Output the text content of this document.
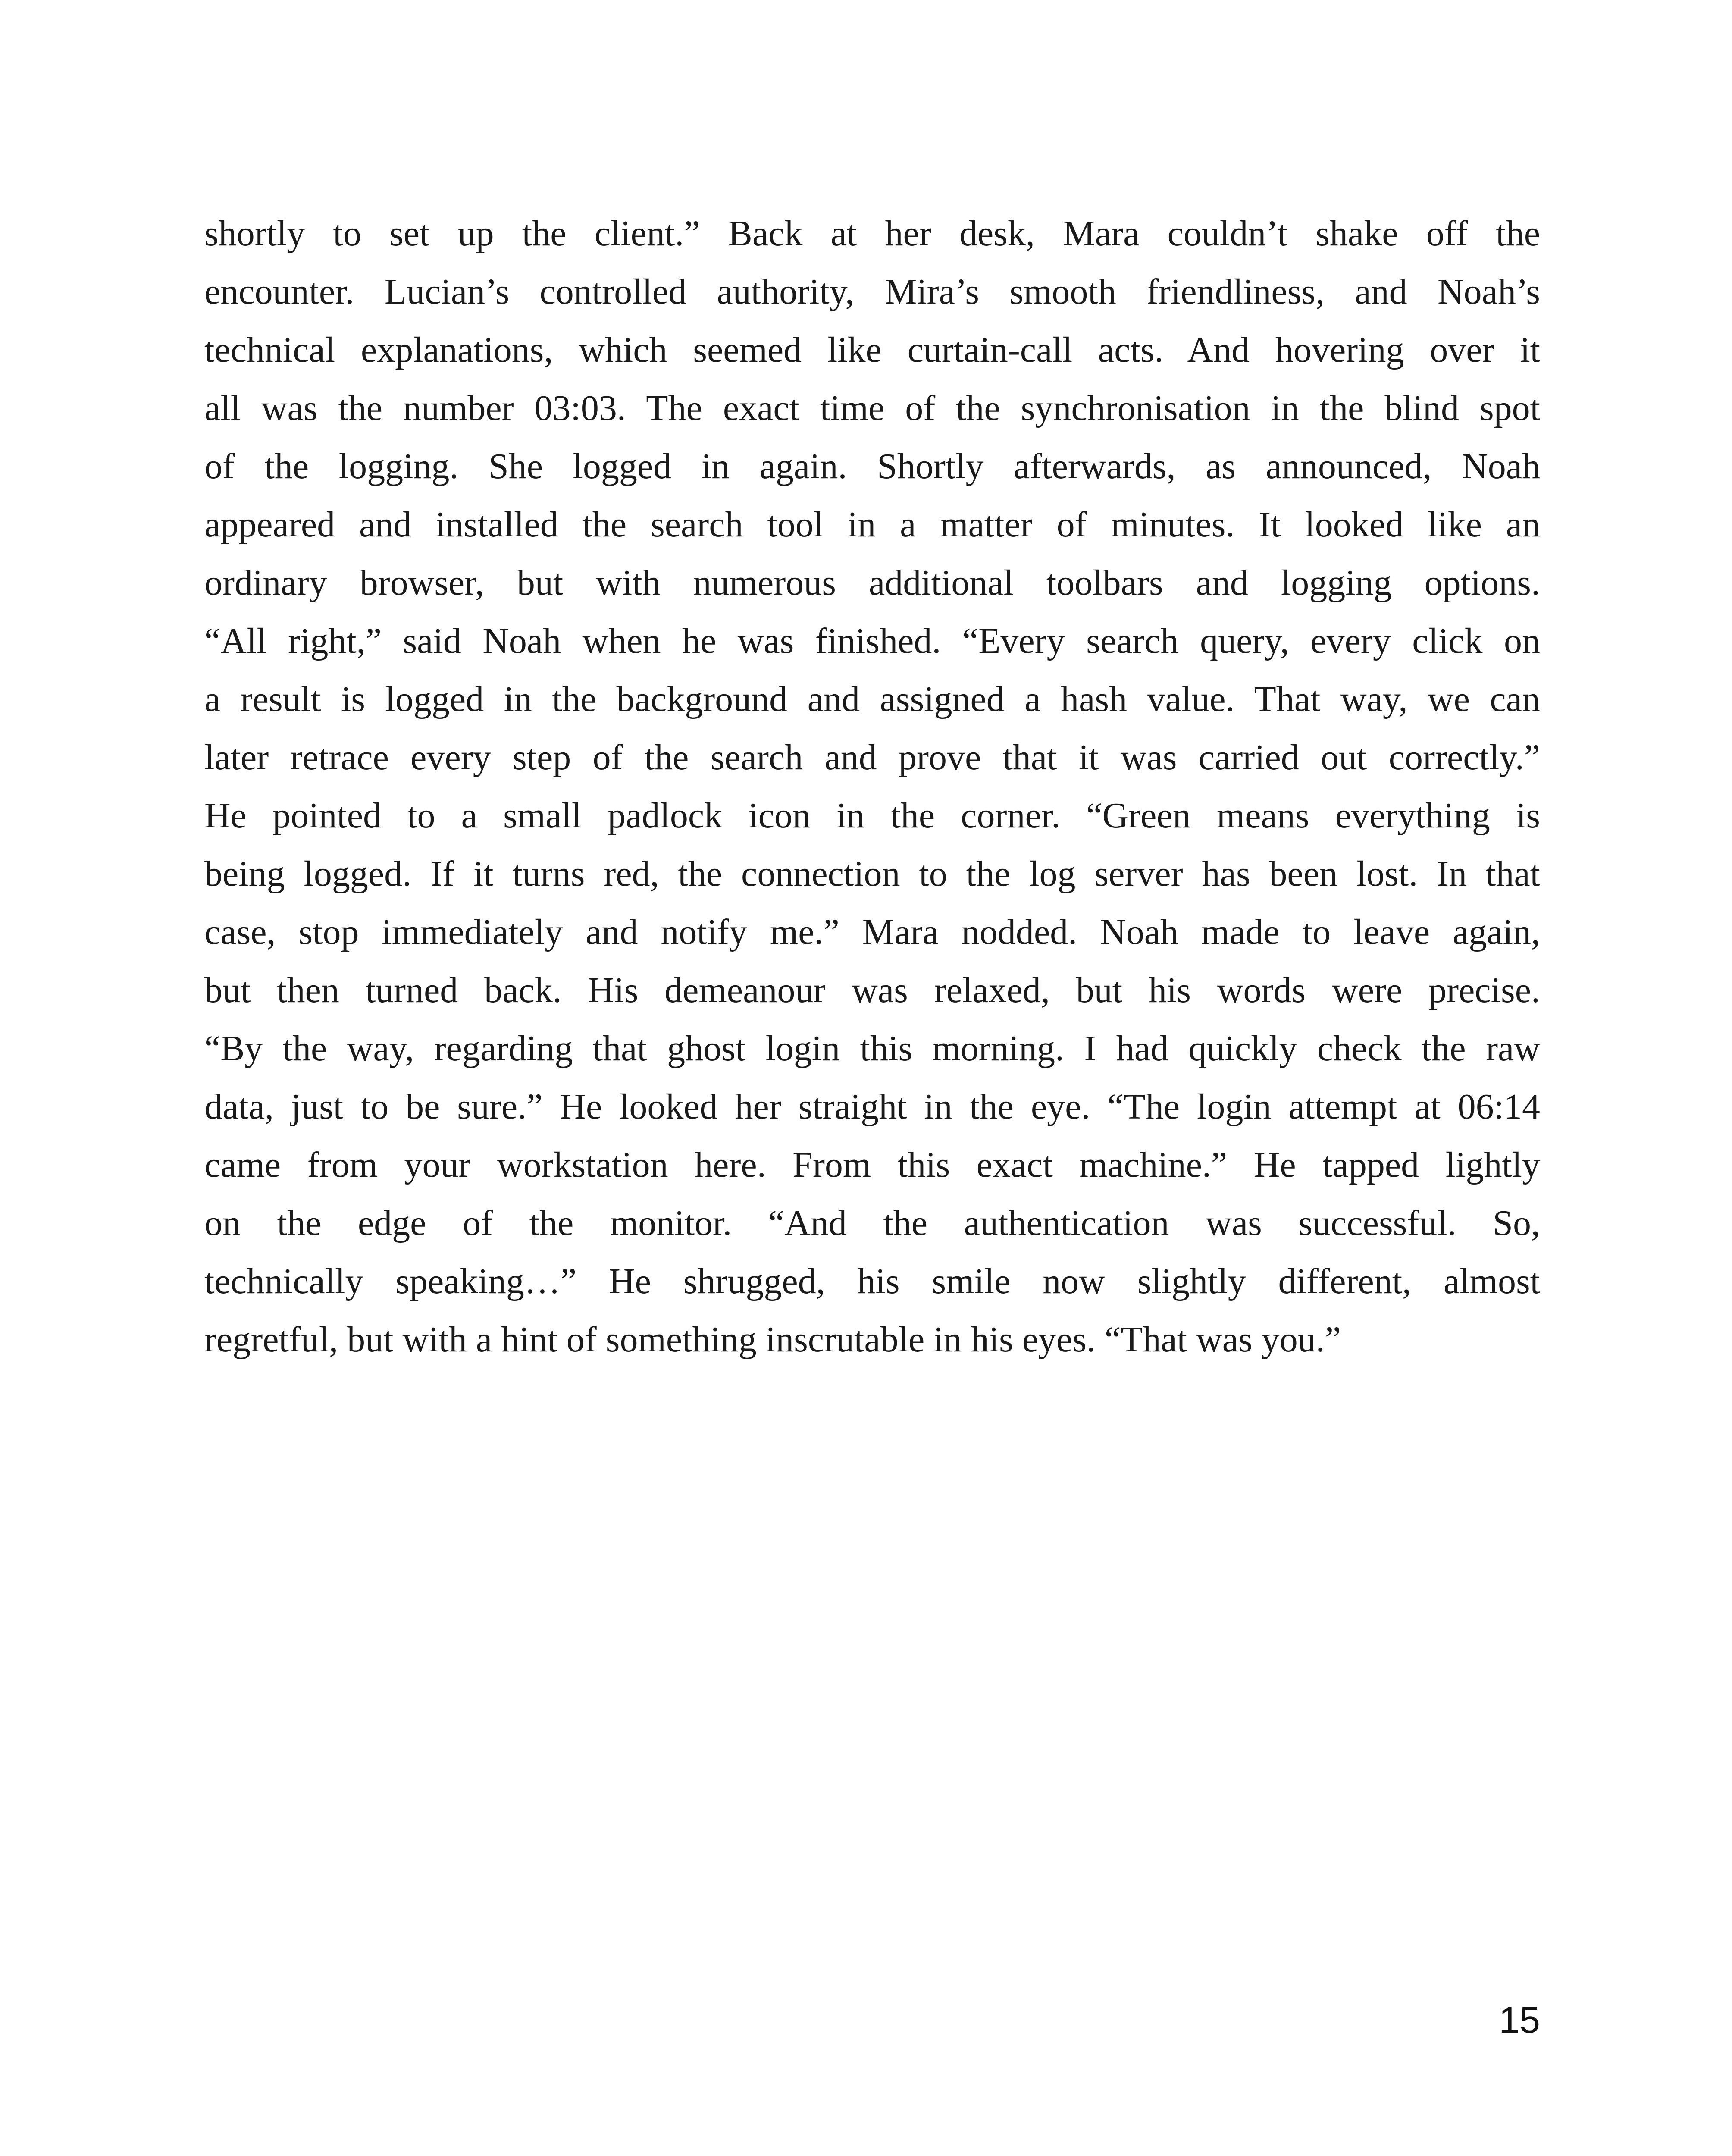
shortly to set up the client.” Back at her desk, Mara couldn’t shake off the
encounter. Lucian’s controlled authority, Mira’s smooth friendliness, and Noah’s
technical explanations, which seemed like curtain-call acts. And hovering over it
all was the number 03:03. The exact time of the synchronisation in the blind spot
of the logging. She logged in again. Shortly afterwards, as announced, Noah
appeared and installed the search tool in a matter of minutes. It looked like an
ordinary browser, but with numerous additional toolbars and logging options.
“All right,” said Noah when he was finished. “Every search query, every click on
a result is logged in the background and assigned a hash value. That way, we can
later retrace every step of the search and prove that it was carried out correctly.”
He pointed to a small padlock icon in the corner. “Green means everything is
being logged. If it turns red, the connection to the log server has been lost. In that
case, stop immediately and notify me.” Mara nodded. Noah made to leave again,
but then turned back. His demeanour was relaxed, but his words were precise.
“By the way, regarding that ghost login this morning. I had quickly check the raw
data, just to be sure.” He looked her straight in the eye. “The login attempt at 06:14
came from your workstation here. From this exact machine.” He tapped lightly
on the edge of the monitor. “And the authentication was successful. So,
technically speaking…” He shrugged, his smile now slightly different, almost
regretful, but with a hint of something inscrutable in his eyes. “That was you.”
15
